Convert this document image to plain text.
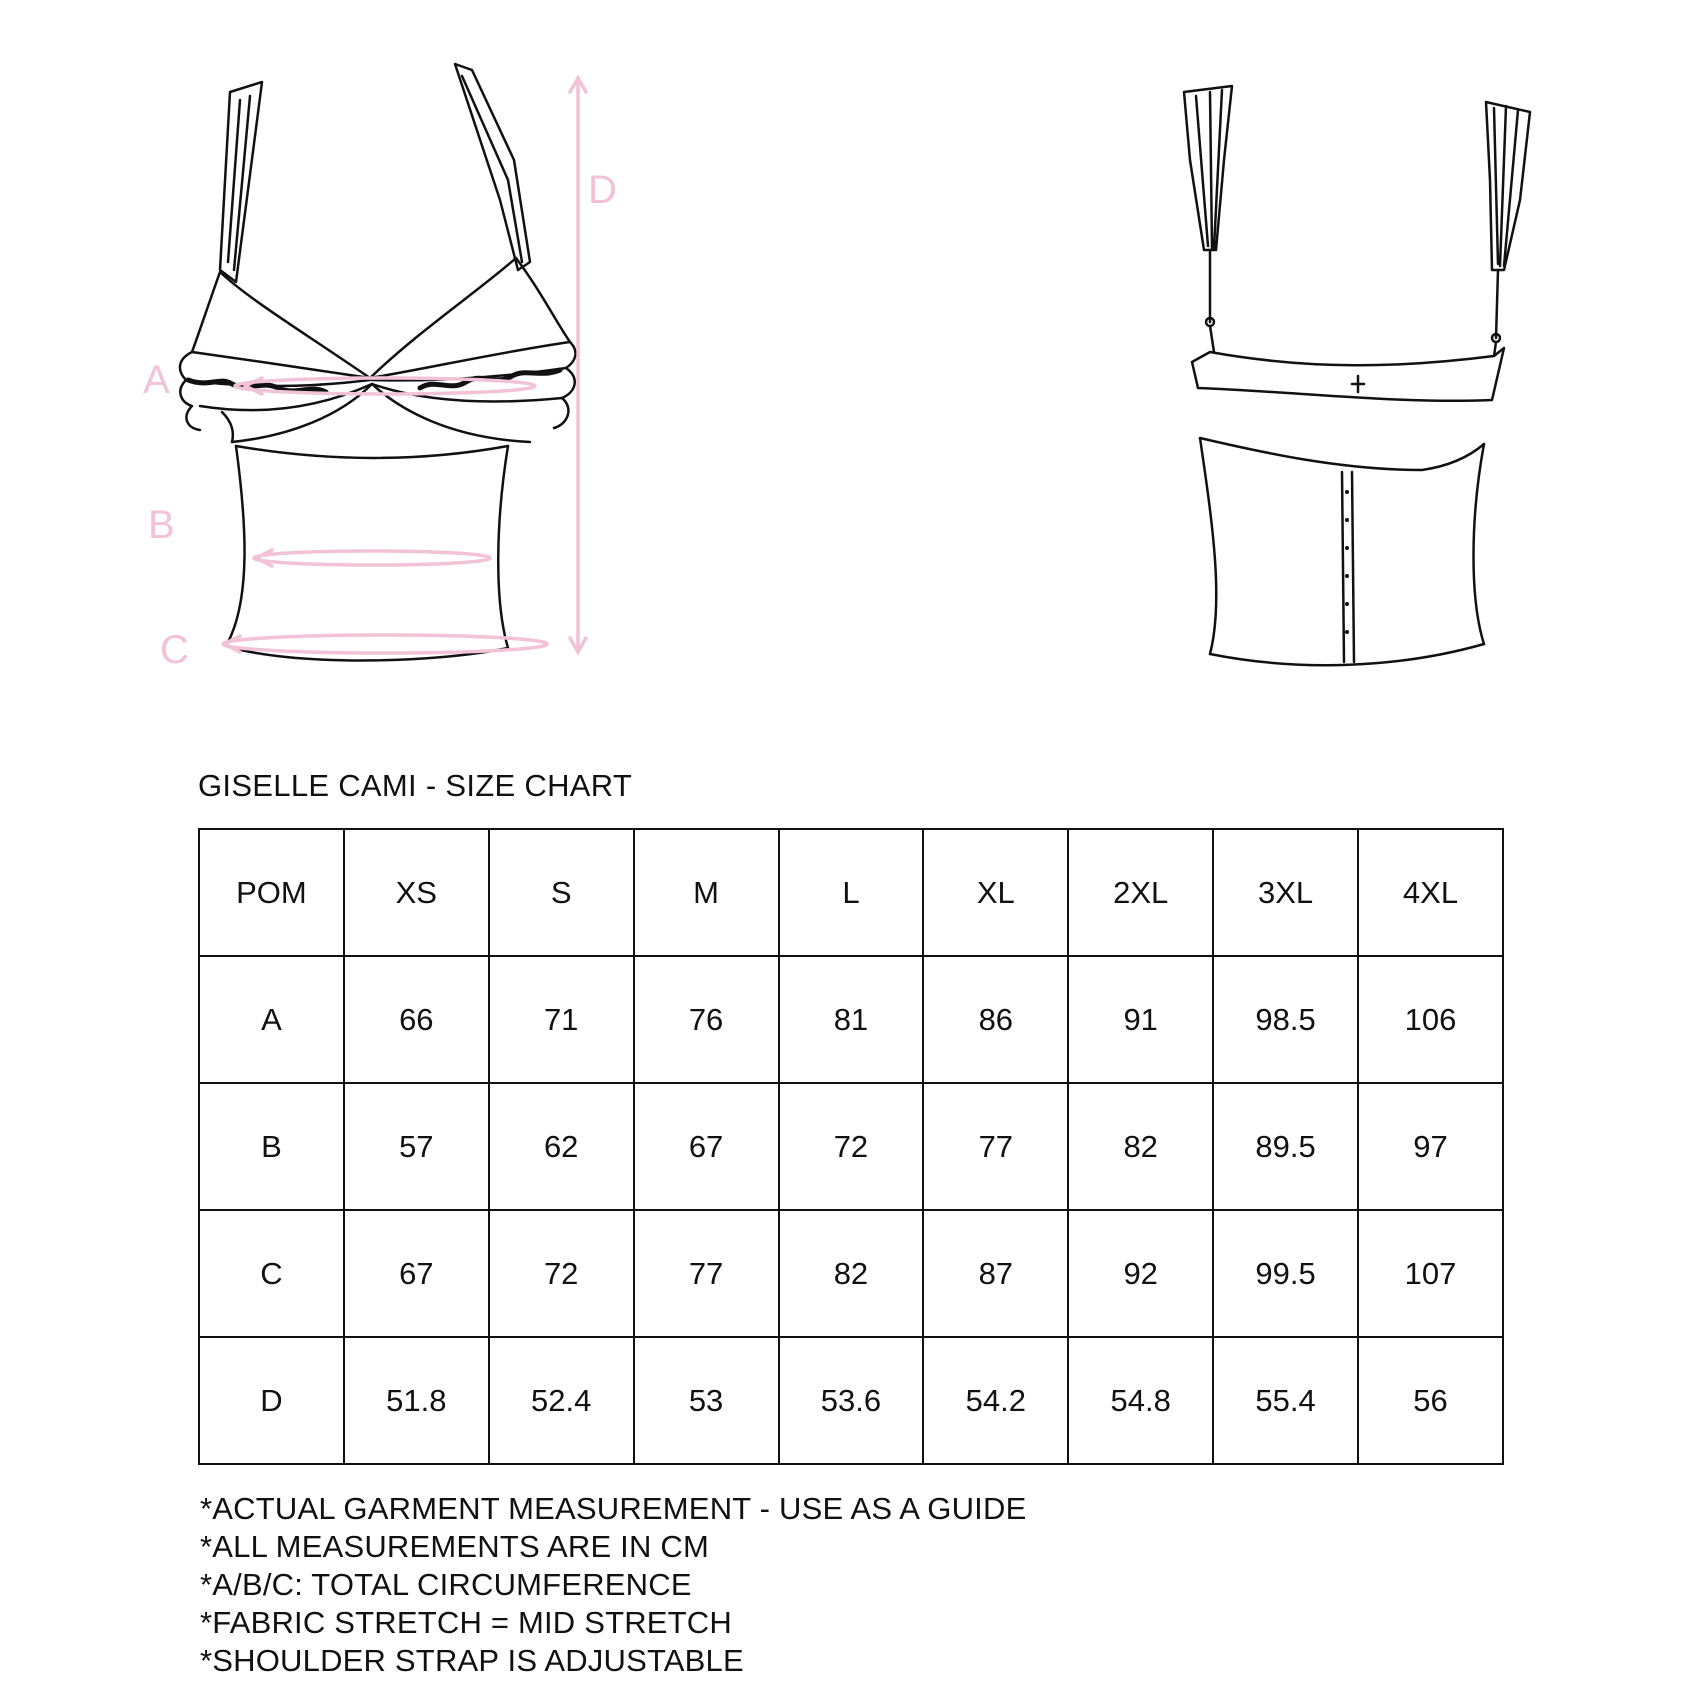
A
B
C
D
GISELLE CAMI - SIZE CHART
POM	XS	S	M	L	XL	2XL	3XL	4XL
A	66	71	76	81	86	91	98.5	106
B	57	62	67	72	77	82	89.5	97
C	67	72	77	82	87	92	99.5	107
D	51.8	52.4	53	53.6	54.2	54.8	55.4	56
*ACTUAL GARMENT MEASUREMENT - USE AS A GUIDE
*ALL MEASUREMENTS ARE IN CM
*A/B/C: TOTAL CIRCUMFERENCE
*FABRIC STRETCH = MID STRETCH
*SHOULDER STRAP IS ADJUSTABLE
